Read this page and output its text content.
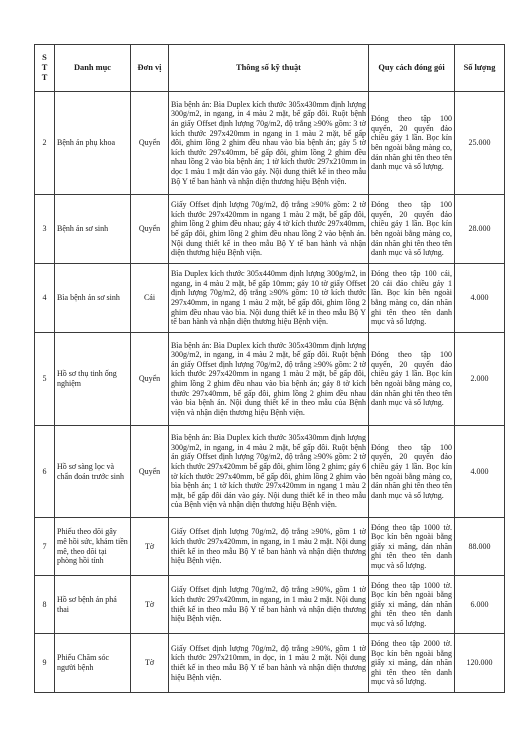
S
T
T	Danh mục	Đơn vị	Thông số kỹ thuật	Quy cách đóng gói	Số lượng
2	Bệnh án phụ khoa	Quyển	Bìa bệnh án: Bìa Duplex kích thước 305x430mm định lượng 300g/m2, in ngang, in 4 màu 2 mặt, bế gấp đôi. Ruột bệnh án giấy Offset định lượng 70g/m2, độ trắng ≥90% gồm: 3 tờ kích thước 297x420mm in ngang in 1 màu 2 mặt, bế gấp đôi, ghim lồng 2 ghim đều nhau vào bìa bệnh án; gáy 5 tờ kích thước 297x40mm, bế gấp đôi, ghim lồng 2 ghim đều nhau lồng 2 vào bìa bệnh án; 1 tờ kích thước 297x210mm in dọc 1 màu 1 mặt dán vào gáy. Nội dung thiết kế in theo mẫu Bộ Y tế ban hành và nhận diện thương hiệu Bệnh viện.	Đóng theo tập 100 quyển, 20 quyển đảo chiều gáy 1 lần. Bọc kín bên ngoài bằng màng co, dán nhãn ghi tên theo tên danh mục và số lượng.	25.000
3	Bệnh án sơ sinh	Quyển	Giấy Offset định lượng 70g/m2, độ trắng ≥90% gồm: 2 tờ kích thước 297x420mm in ngang 1 màu 2 mặt, bế gấp đôi, ghim lồng 2 ghim đều nhau; gáy 4 tờ kích thước 297x40mm, bế gấp đôi, ghim lồng 2 ghim đều nhau lồng 2 vào bệnh án. Nội dung thiết kế in theo mẫu Bộ Y tế ban hành và nhận diện thương hiệu Bệnh viện.	Đóng theo tập 100 quyển, 20 quyển đảo chiều gáy 1 lần. Bọc kín bên ngoài bằng màng co, dán nhãn ghi tên theo tên danh mục và số lượng.	28.000
4	Bìa bệnh án sơ sinh	Cái	Bìa Duplex kích thước 305x440mm định lượng 300g/m2, in ngang, in 4 màu 2 mặt, bế gấp 10mm; gáy 10 tờ giấy Offset định lượng 70g/m2, độ trắng ≥90% gồm: 10 tờ kích thước 297x40mm, in ngang 1 màu 2 mặt, bế gấp đôi, ghim lồng 2 ghim đều nhau vào bìa. Nội dung thiết kế in theo mẫu Bộ Y tế ban hành và nhận diện thương hiệu Bệnh viện.	Đóng theo tập 100 cái, 20 cái đảo chiều gáy 1 lần. Bọc kín bên ngoài bằng màng co, dán nhãn ghi tên theo tên danh mục và số lượng.	4.000
5	Hồ sơ thụ tinh ống nghiệm	Quyển	Bìa bệnh án: Bìa Duplex kích thước 305x430mm định lượng 300g/m2, in ngang, in 4 màu 2 mặt, bế gấp đôi. Ruột bệnh án giấy Offset định lượng 70g/m2, độ trắng ≥90% gồm: 2 tờ kích thước 297x420mm in ngang 1 màu 2 mặt, bế gấp đôi, ghim lồng 2 ghim đều nhau vào bìa bệnh án; gáy 8 tờ kích thước 297x40mm, bế gấp đôi, ghim lồng 2 ghim đều nhau vào bìa bệnh án. Nội dung thiết kế in theo mẫu của Bệnh viện và nhận diện thương hiệu Bệnh viện.	Đóng theo tập 100 quyển, 20 quyển đảo chiều gáy 1 lần. Bọc kín bên ngoài bằng màng co, dán nhãn ghi tên theo tên danh mục và số lượng.	2.000
6	Hồ sơ sàng lọc và chẩn đoán trước sinh	Quyển	Bìa bệnh án: Bìa Duplex kích thước 305x430mm định lượng 300g/m2, in ngang, in 4 màu 2 mặt, bế gấp đôi. Ruột bệnh án giấy Offset định lượng 70g/m2, độ trắng ≥90% gồm: 2 tờ kích thước 297x420mm bế gấp đôi, ghim lồng 2 ghim; gáy 6 tờ kích thước 297x40mm, bế gấp đôi, ghim lồng 2 ghim vào bìa bệnh án; 1 tờ kích thước 297x420mm in ngang 1 màu 2 mặt, bế gấp đôi dán vào gáy. Nội dung thiết kế in theo mẫu của Bệnh viện và nhận diện thương hiệu Bệnh viện.	Đóng theo tập 100 quyển, 20 quyển đảo chiều gáy 1 lần. Bọc kín bên ngoài bằng màng co, dán nhãn ghi tên theo tên danh mục và số lượng.	4.000
7	Phiếu theo dõi gây mê hồi sức, khám tiền mê, theo dõi tại phòng hồi tỉnh	Tờ	Giấy Offset định lượng 70g/m2, độ trắng ≥90%, gồm 1 tờ kích thước 297x420mm, in ngang, in 1 màu 2 mặt. Nội dung thiết kế in theo mẫu Bộ Y tế ban hành và nhận diện thương hiệu Bệnh viện.	Đóng theo tập 1000 tờ. Bọc kín bên ngoài bằng giấy xi măng, dán nhãn ghi tên theo tên danh mục và số lượng.	88.000
8	Hồ sơ bệnh án phá thai	Tờ	Giấy Offset định lượng 70g/m2, độ trắng ≥90%, gồm 1 tờ kích thước 297x420mm, in ngang, in 1 màu 2 mặt. Nội dung thiết kế in theo mẫu Bộ Y tế ban hành và nhận diện thương hiệu Bệnh viện.	Đóng theo tập 1000 tờ. Bọc kín bên ngoài bằng giấy xi măng, dán nhãn ghi tên theo tên danh mục và số lượng.	6.000
9	Phiếu Chăm sóc người bệnh	Tờ	Giấy Offset định lượng 70g/m2, độ trắng ≥90%, gồm 1 tờ kích thước 297x210mm, in dọc, in 1 màu 2 mặt. Nội dung thiết kế in theo mẫu Bộ Y tế ban hành và nhận diện thương hiệu Bệnh viện.	Đóng theo tập 2000 tờ. Bọc kín bên ngoài bằng giấy xi măng, dán nhãn ghi tên theo tên danh mục và số lượng.	120.000
